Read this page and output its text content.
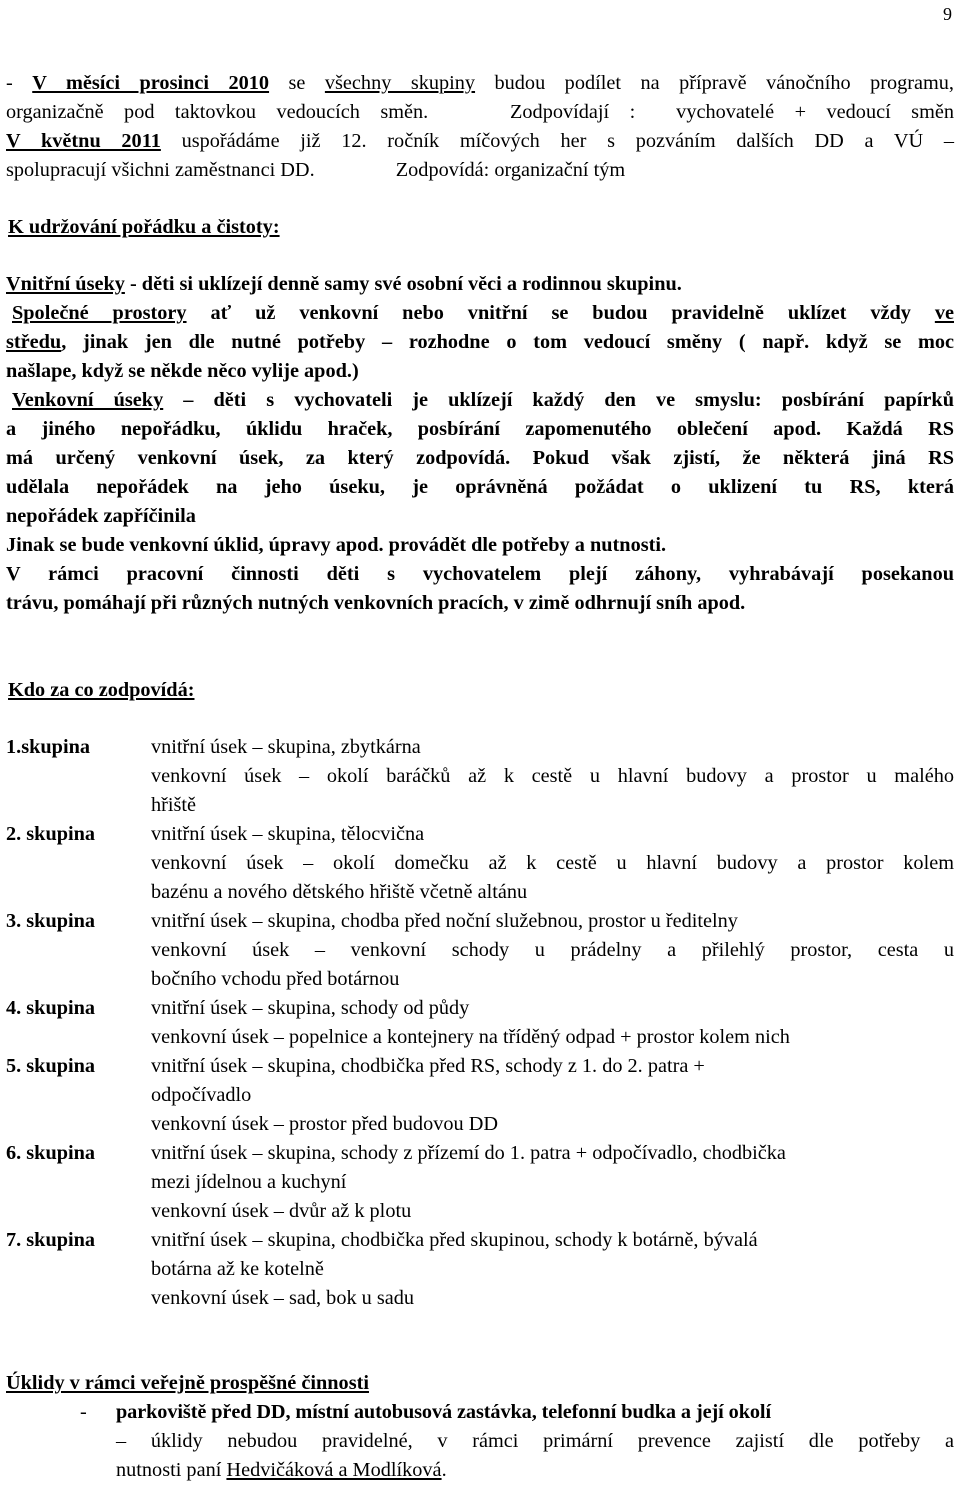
9

- V měsíci prosinci 2010 se všechny skupiny budou podílet na přípravě vánočního programu,

organizačně pod taktovkou vedoucích směn.    Zodpovídají :  vychovatelé + vedoucí směn

V květnu 2011 uspořádáme již 12. ročník míčových her s pozváním dalších DD a VÚ –

spolupracují všichni zaměstnanci DD.                Zodpovídá: organizační tým

K udržování pořádku a čistoty:

Vnitřní úseky - děti si uklízejí denně samy své osobní věci a rodinnou skupinu.

Společné prostory ať už venkovní nebo vnitřní se budou pravidelně uklízet vždy ve

středu, jinak jen dle nutné potřeby – rozhodne o tom vedoucí směny ( např. když se moc

našlape, když se někde něco vylije apod.)

Venkovní úseky – děti s vychovateli je uklízejí každý den ve smyslu: posbírání papírků

a jiného nepořádku, úklidu hraček, posbírání zapomenutého oblečení apod. Každá RS

má určený venkovní úsek, za který zodpovídá. Pokud však zjistí, že některá jiná RS

udělala nepořádek na jeho úseku, je oprávněná požádat o uklizení tu RS, která

nepořádek zapříčinila

Jinak se bude venkovní úklid, úpravy apod. provádět dle potřeby a nutnosti.

V rámci pracovní činnosti děti s vychovatelem plejí záhony, vyhrabávají posekanou

trávu, pomáhají při různých nutných venkovních pracích, v zimě odhrnují sníh apod.

Kdo za co zodpovídá:

1.skupina	vnitřní úsek – skupina, zbytkárna

venkovní úsek – okolí baráčků až k cestě u hlavní budovy a prostor u malého

hřiště

2. skupina	vnitřní úsek – skupina, tělocvična

venkovní úsek – okolí domečku až k cestě u hlavní budovy a prostor kolem

bazénu a nového dětského hřiště včetně altánu

3. skupina	vnitřní úsek – skupina, chodba před noční služebnou, prostor u ředitelny

venkovní úsek – venkovní schody u prádelny a přilehlý prostor, cesta u

bočního vchodu před botárnou

4. skupina	vnitřní úsek – skupina, schody od půdy

venkovní úsek – popelnice a kontejnery na tříděný odpad + prostor kolem nich

5. skupina	vnitřní úsek – skupina, chodbička před RS, schody z 1. do 2. patra +

odpočívadlo

venkovní úsek – prostor před budovou DD

6. skupina	vnitřní úsek – skupina, schody z přízemí do 1. patra + odpočívadlo, chodbička

mezi jídelnou a kuchyní

venkovní úsek – dvůr až k plotu

7. skupina	vnitřní úsek – skupina, chodbička před skupinou, schody k botárně, bývalá

botárna až ke kotelně

venkovní úsek – sad, bok u sadu

Úklidy v rámci veřejně prospěšné činnosti

-	parkoviště před DD, místní autobusová zastávka, telefonní budka a její okolí

– úklidy nebudou pravidelné, v rámci primární prevence zajistí dle potřeby a

nutnosti paní Hedvičáková a Modlíková.
